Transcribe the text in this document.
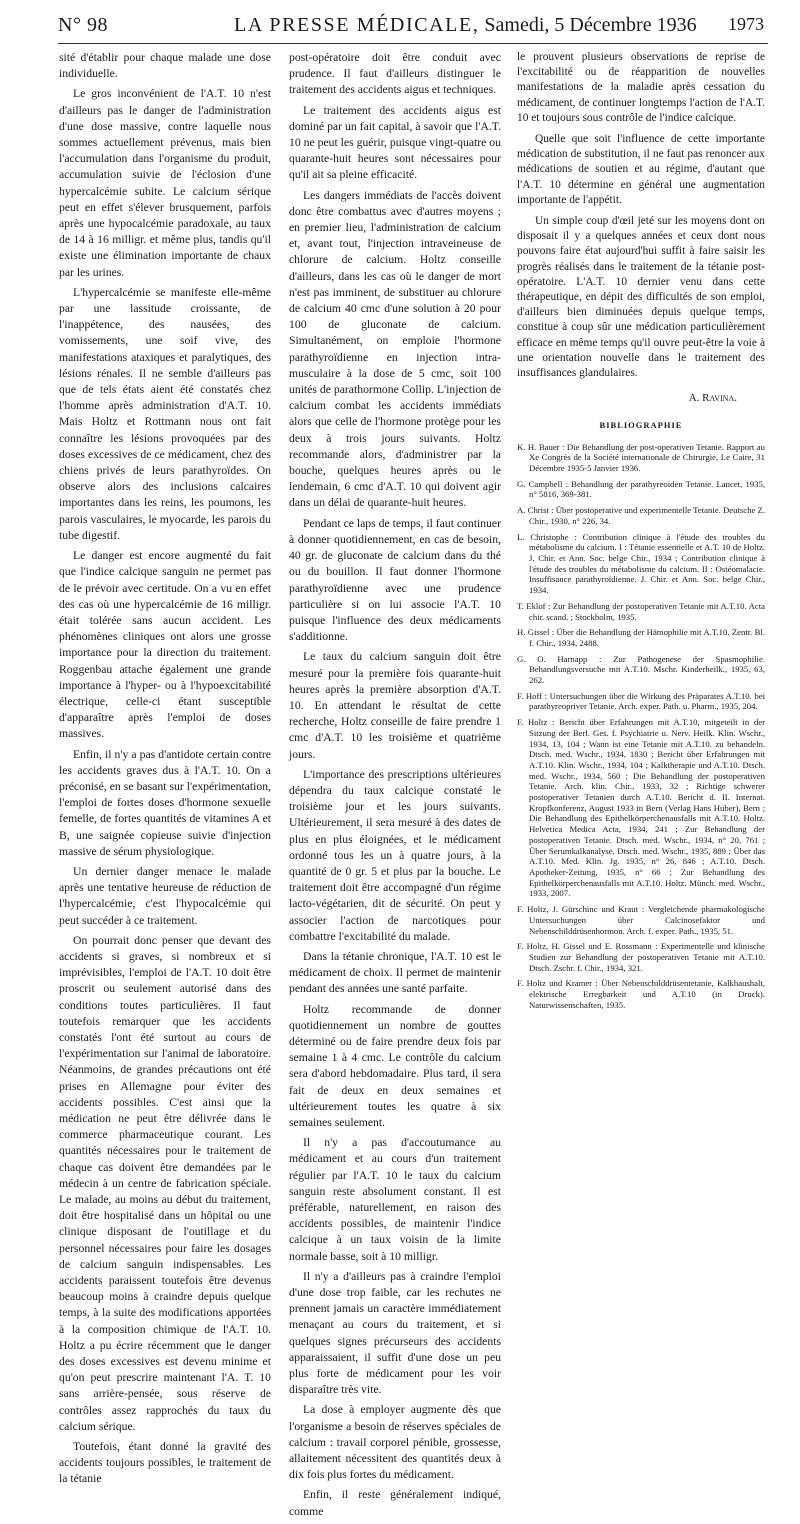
N° 98	LA PRESSE MÉDICALE, Samedi, 5 Décembre 1936 1973

sité d'établir pour chaque malade une dose individuelle.

Le gros inconvénient de l'A.T. 10 n'est d'ailleurs pas le danger de l'administration d'une dose massive, contre laquelle nous sommes actuellement prévenus, mais bien l'accumulation dans l'organisme du produit, accumulation suivie de l'éclosion d'une hypercalcémie subite. Le calcium sérique peut en effet s'élever brusquement, parfois après une hypocalcémie paradoxale, au taux de 14 à 16 milligr. et même plus, tandis qu'il existe une élimination importante de chaux par les urines.

L'hypercalcémie se manifeste elle-même par une lassitude croissante, de l'inappétence, des nausées, des vomissements, une soif vive, des manifestations ataxiques et paralytiques, des lésions rénales. Il ne semble d'ailleurs pas que de tels états aient été constatés chez l'homme après administration d'A.T. 10. Mais Holtz et Rottmann nous ont fait connaître les lésions provoquées par des doses excessives de ce médicament, chez des chiens privés de leurs parathyroïdes. On observe alors des inclusions calcaires importantes dans les reins, les poumons, les parois vasculaires, le myocarde, les parois du tube digestif.

Le danger est encore augmenté du fait que l'indice calcique sanguin ne permet pas de le prévoir avec certitude. On a vu en effet des cas où une hypercalcémie de 16 milligr. était tolérée sans aucun accident. Les phénomènes cliniques ont alors une grosse importance pour la direction du traitement. Roggenbau attache également une grande importance à l'hyper- ou à l'hypoexcitabilité électrique, celle-ci étant susceptible d'apparaître après l'emploi de doses massives.

Enfin, il n'y a pas d'antidote certain contre les accidents graves dus à l'A.T. 10. On a préconisé, en se basant sur l'expérimentation, l'emploi de fortes doses d'hormone sexuelle femelle, de fortes quantités de vitamines A et B, une saignée copieuse suivie d'injection massive de sérum physiologique.

Un dernier danger menace le malade après une tentative heureuse de réduction de l'hypercalcémie, c'est l'hypocalcémie qui peut succéder à ce traitement.

On pourrait donc penser que devant des accidents si graves, si nombreux et si imprévisibles, l'emploi de l'A.T. 10 doit être proscrit ou seulement autorisé dans des conditions toutes particulières. Il faut toutefois remarquer que les accidents constatés l'ont été surtout au cours de l'expérimentation sur l'animal de laboratoire. Néanmoins, de grandes précautions ont été prises en Allemagne pour éviter des accidents possibles. C'est ainsi que la médication ne peut être délivrée dans le commerce pharmaceutique courant. Les quantités nécessaires pour le traitement de chaque cas doivent être demandées par le médecin à un centre de fabrication spéciale. Le malade, au moins au début du traitement, doit être hospitalisé dans un hôpital ou une clinique disposant de l'outillage et du personnel nécessaires pour faire les dosages de calcium sanguin indispensables. Les accidents paraissent toutefois être devenus beaucoup moins à craindre depuis quelque temps, à la suite des modifications apportées à la composition chimique de l'A.T. 10. Holtz a pu écrire récemment que le danger des doses excessives est devenu minime et qu'on peut prescrire maintenant l'A. T. 10 sans arrière-pensée, sous réserve de contrôles assez rapprochés du taux du calcium sérique.

Toutefois, étant donné la gravité des accidents toujours possibles, le traitement de la tétanie

post-opératoire doit être conduit avec prudence. Il faut d'ailleurs distinguer le traitement des accidents aigus et techniques.

Le traitement des accidents aigus est dominé par un fait capital, à savoir que l'A.T. 10 ne peut les guérir, puisque vingt-quatre ou quarante-huit heures sont nécessaires pour qu'il ait sa pleine efficacité.

Les dangers immédiats de l'accès doivent donc être combattus avec d'autres moyens ; en premier lieu, l'administration de calcium et, avant tout, l'injection intraveineuse de chlorure de calcium. Holtz conseille d'ailleurs, dans les cas où le danger de mort n'est pas imminent, de substituer au chlorure de calcium 40 cmc d'une solution à 20 pour 100 de gluconate de calcium. Simultanément, on emploie l'hormone parathyroïdienne en injection intra-musculaire à la dose de 5 cmc, soit 100 unités de parathormone Collip. L'injection de calcium combat les accidents immédiats alors que celle de l'hormone protège pour les deux à trois jours suivants. Holtz recommande alors, d'administrer par la bouche, quelques heures après ou le lendemain, 6 cmc d'A.T. 10 qui doivent agir dans un délai de quarante-huit heures.

Pendant ce laps de temps, il faut continuer à donner quotidiennement, en cas de besoin, 40 gr. de gluconate de calcium dans du thé ou du bouillon. Il faut donner l'hormone parathyroïdienne avec une prudence particulière si on lui associe l'A.T. 10 puisque l'influence des deux médicaments s'additionne.

Le taux du calcium sanguin doit être mesuré pour la première fois quarante-huit heures après la première absorption d'A.T. 10. En attendant le résultat de cette recherche, Holtz conseille de faire prendre 1 cmc d'A.T. 10 les troisième et quatrième jours.

L'importance des prescriptions ultérieures dépendra du taux calcique constaté le troisième jour et les jours suivants. Ultérieurement, il sera mesuré à des dates de plus en plus éloignées, et le médicament ordonné tous les un à quatre jours, à la quantité de 0 gr. 5 et plus par la bouche. Le traitement doit être accompagné d'un régime lacto-végétarien, dit de sécurité. On peut y associer l'action de narcotiques pour combattre l'excitabilité du malade.

Dans la tétanie chronique, l'A.T. 10 est le médicament de choix. Il permet de maintenir pendant des années une santé parfaite.

Holtz recommande de donner quotidiennement un nombre de gouttes déterminé ou de faire prendre deux fois par semaine 1 à 4 cmc. Le contrôle du calcium sera d'abord hebdomadaire. Plus tard, il sera fait de deux en deux semaines et ultérieurement toutes les quatre à six semaines seulement.

Il n'y a pas d'accoutumance au médicament et au cours d'un traitement régulier par l'A.T. 10 le taux du calcium sanguin reste absolument constant. Il est préférable, naturellement, en raison des accidents possibles, de maintenir l'indice calcique à un taux voisin de la limite normale basse, soit à 10 milligr.

Il n'y a d'ailleurs pas à craindre l'emploi d'une dose trop faible, car les rechutes ne prennent jamais un caractère immédiatement menaçant au cours du traitement, et si quelques signes précurseurs des accidents apparaissaient, il suffit d'une dose un peu plus forte de médicament pour les voir disparaître très vite.

La dose à employer augmente dès que l'organisme a besoin de réserves spéciales de calcium : travail corporel pénible, grossesse, allaitement nécessitent des quantités deux à dix fois plus fortes du médicament.

Enfin, il reste généralement indiqué, comme

le prouvent plusieurs observations de reprise de l'excitabilité ou de réapparition de nouvelles manifestations de la maladie après cessation du médicament, de continuer longtemps l'action de l'A.T. 10 et toujours sous contrôle de l'indice calcique.

Quelle que soit l'influence de cette importante médication de substitution, il ne faut pas renoncer aux médications de soutien et au régime, d'autant que l'A.T. 10 détermine en général une augmentation importante de l'appétit.

Un simple coup d'œil jeté sur les moyens dont on disposait il y a quelques années et ceux dont nous pouvons faire état aujourd'hui suffit à faire saisir les progrès réalisés dans le traitement de la tétanie post-opératoire. L'A.T. 10 dernier venu dans cette thérapeutique, en dépit des difficultés de son emploi, d'ailleurs bien diminuées depuis quelque temps, constitue à coup sûr une médication particulièrement efficace en même temps qu'il ouvre peut-être la voie à une orientation nouvelle dans le traitement des insuffisances glandulaires.

A. Ravina.
BIBLIOGRAPHIE
K. H. Bauer : Die Behandlung der post-operativen Tetanie. Rapport au Xe Congrès de la Société internationale de Chirurgie, Le Caire, 31 Décembre 1935-5 Janvier 1936.
G. Campbell : Behandlung der parathyreoiden Tetanie. Lancet, 1935, n° 5816, 369-381.
A. Christ : Über postoperative und experimentelle Tetanie. Deutsche Z. Chir., 1930, n° 226, 34.
L. Christophe : Contribution clinique à l'étude des troubles du métabolisme du calcium. I : Tétanie essentielle et A.T. 10 de Holtz. J. Chir. et Ann. Soc. belge Chir., 1934 ; Contribution clinique à l'étude des troubles du métabolisme du calcium. II : Ostéomalacie. Insuffisance parathyroïdienne. J. Chir. et Ann. Soc. belge Chir., 1934.
T. Eklof : Zur Behandlung der postoperativen Tetanie mit A.T.10. Acta chir. scand. ; Stockholm, 1935.
H. Gissel : Über die Behandlung der Hämophilie mit A.T.10. Zentr. Bl. f. Chir., 1934, 2488.
G. O. Harnapp : Zur Pathogenese der Spasmophilie. Behandlungsversuche mit A.T.10. Mschr. Kinderheilk., 1935, 63, 262.
F. Hoff : Untersuchungen über die Wirkung des Präparates A.T.10. bei parathyreopriver Tetanie. Arch. exper. Path. u. Pharm., 1935, 204.
F. Holtz : Bericht über Erfahrungen mit A.T.10, mitgeteilt in der Sitzung der Berl. Ges. f. Psychiatrie u. Nerv. Heilk. Klin. Wschr., 1934, 13, 104 ; Wann ist eine Tetanie mit A.T.10. zu behandeln. Dtsch. med. Wschr., 1934, 1830 ; Bericht über Erfahrungen mit A.T.10. Klin. Wschr., 1934, 104 ; Kalktherapie und A.T.10. Dtsch. med. Wschr., 1934, 560 ; Die Behandlung der postoperativen Tetanie. Arch. klin. Chir., 1933, 32 ; Richtige schwerer postoperativer Tetanien durch A.T.10. Bericht d. II. Internat. Kropfkonferenz, August 1933 in Bern (Verlag Hans Huber), Bern ; Die Behandlung des Epithelkörperchenausfalls mit A.T.10. Holtz. Helvetica Medica Acta, 1934, 241 ; Zur Behandlung der postoperativen Tetanie. Dtsch. med. Wschr., 1934, n° 20, 761 ; Über Serumkalkanalyse. Dtsch. med. Wschr., 1935, 889 ; Über das A.T.10. Med. Klin. Jg. 1935, n° 26, 846 ; A.T.10. Dtsch. Apotheker-Zeitung, 1935, n° 66 ; Zur Behandlung des Epithelkörperchenausfalls mit A.T.10. Holtz. Münch. med. Wschr., 1933, 2007.
F. Holtz, J. Gürschinc und Kraut : Vergleichende pharmakologische Untersuchungen über Calcinosefaktor und Nebenschilddrüsenhormon. Arch. f. exper. Path., 1935, 51.
F. Holtz, H. Gissel und E. Rossmann : Experimentelle und klinische Studien zur Behandlung der postoperativen Tetanie mit A.T.10. Dtsch. Zschr. f. Chir., 1934, 321.
F. Holtz und Kramer : Über Nebenschilddrüsentetanie, Kalkhaushalt, elektrische Erregbarkeit und A.T.10 (in Druck). Naturwissenschaften, 1935.
